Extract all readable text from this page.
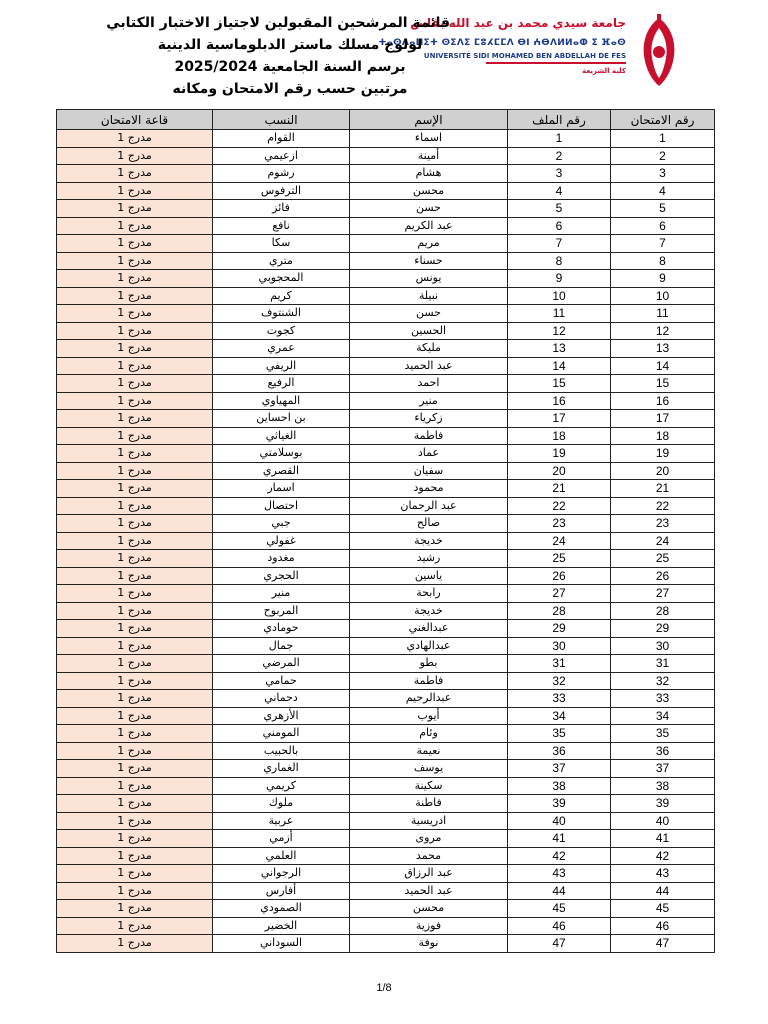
جامعة سيدي محمد بن عبد الله بفاس
ⵜⴰⵙⴷⴰⵡⵉⵜ ⵙⵉⴷⵉ ⵎⵓⵃⵎⵎⴷ ⴱⵏ ⵄⴱⴷⵍⵍⴰⵀ ⵉ ⴼⴰⵙ
UNIVERSITÉ SIDI MOHAMED BEN ABDELLAH DE FES
كلية الشريعة
قائمة المرشحين المقبولين لاجتياز الاختبار الكتابي
لولوج مسلك ماستر الدبلوماسية الدينية
برسم السنة الجامعية 2025/2024
مرتبين حسب رقم الامتحان ومكانه
رقم الامتحان	رقم الملف	الإسم	النسب	قاعة الامتحان
1	1	اسماء	القوام	مدرج 1
2	2	أمينة	ازعيمي	مدرج 1
3	3	هشام	رشوم	مدرج 1
4	4	محسن	الترفوس	مدرج 1
5	5	حسن	فائز	مدرج 1
6	6	عبد الكريم	نافع	مدرج 1
7	7	مريم	سكا	مدرج 1
8	8	حسناء	متري	مدرج 1
9	9	يونس	المحجوبي	مدرج 1
10	10	نبيلة	كريم	مدرج 1
11	11	حسن	الشنتوف	مدرج 1
12	12	الحسين	كجوت	مدرج 1
13	13	مليكة	عمري	مدرج 1
14	14	عبد الحميد	الريفي	مدرج 1
15	15	احمد	الرفيع	مدرج 1
16	16	منير	المهياوي	مدرج 1
17	17	زكرياء	بن احساين	مدرج 1
18	18	فاطمة	الغياثي	مدرج 1
19	19	عماد	بوسلامتي	مدرج 1
20	20	سفيان	القصري	مدرج 1
21	21	محمود	اسمار	مدرج 1
22	22	عبد الرحمان	احتصال	مدرج 1
23	23	صالح	جبي	مدرج 1
24	24	خديجة	غفولي	مدرج 1
25	25	رشيد	مغدود	مدرج 1
26	26	ياسين	الحجري	مدرج 1
27	27	رابحة	منير	مدرج 1
28	28	خديجة	المربوح	مدرج 1
29	29	عبدالغني	حومادي	مدرج 1
30	30	عبدالهادي	جمال	مدرج 1
31	31	بطو	المرضي	مدرج 1
32	32	فاطمة	حمامي	مدرج 1
33	33	عبدالرحيم	دحماني	مدرج 1
34	34	أيوب	الأزهري	مدرج 1
35	35	وئام	المومني	مدرج 1
36	36	نعيمة	بالحبيب	مدرج 1
37	37	يوسف	الغماري	مدرج 1
38	38	سكينة	كريمي	مدرج 1
39	39	فاطنة	ملوك	مدرج 1
40	40	ادريسية	عربية	مدرج 1
41	41	مروى	أزمي	مدرج 1
42	42	محمد	العلمي	مدرج 1
43	43	عبد الرزاق	الرجواني	مدرج 1
44	44	عبد الحميد	أفارس	مدرج 1
45	45	محسن	الصمودي	مدرج 1
46	46	فوزية	الخضير	مدرج 1
47	47	نوفة	السوداني	مدرج 1
1/8
